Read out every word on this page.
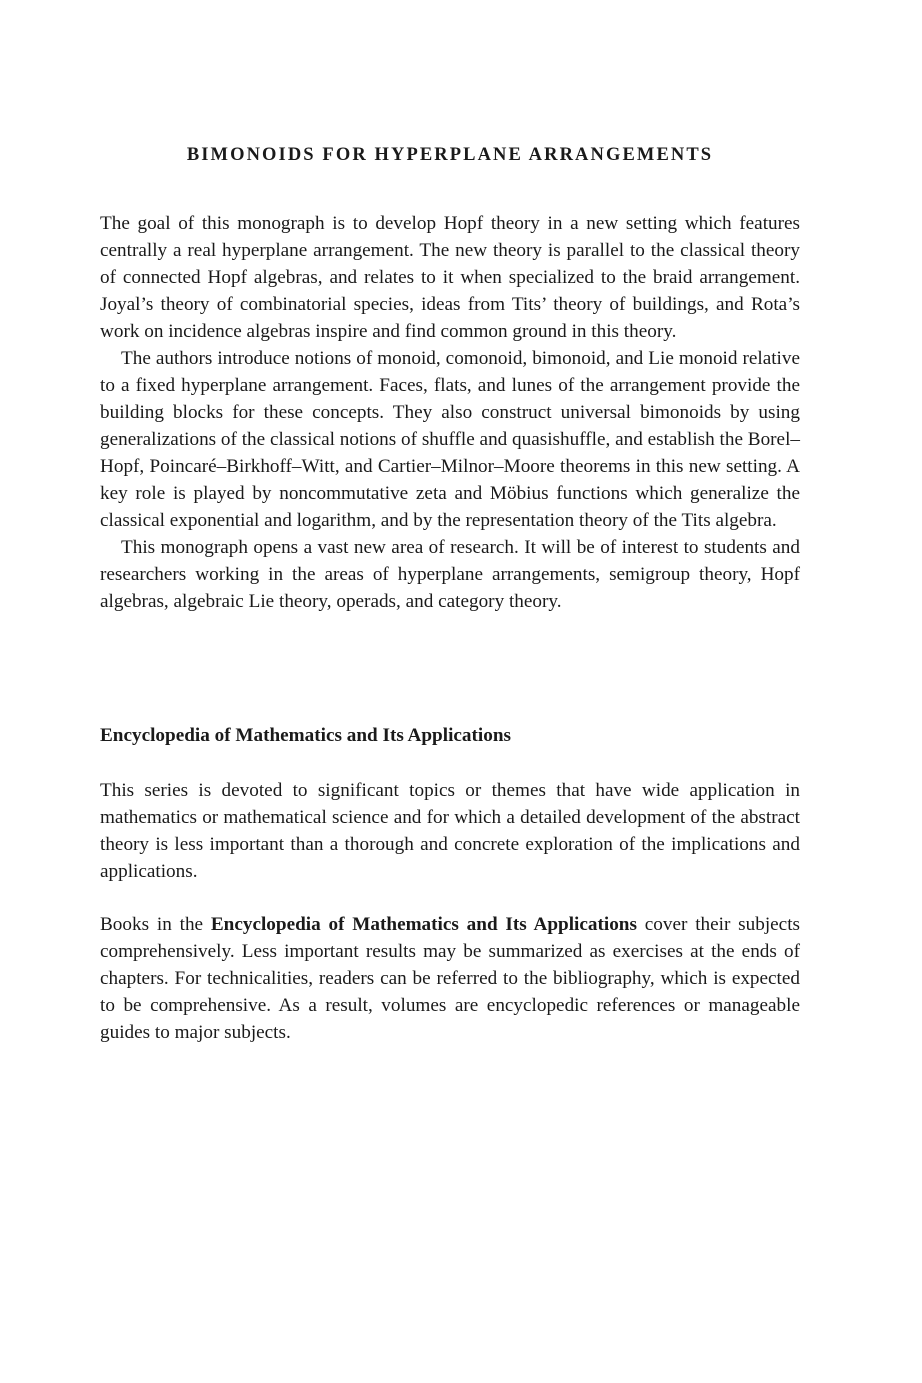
BIMONOIDS FOR HYPERPLANE ARRANGEMENTS

The goal of this monograph is to develop Hopf theory in a new setting which features centrally a real hyperplane arrangement. The new theory is parallel to the classical theory of connected Hopf algebras, and relates to it when specialized to the braid arrangement. Joyal’s theory of combinatorial species, ideas from Tits’ theory of buildings, and Rota’s work on incidence algebras inspire and find common ground in this theory.

The authors introduce notions of monoid, comonoid, bimonoid, and Lie monoid relative to a fixed hyperplane arrangement. Faces, flats, and lunes of the arrangement provide the building blocks for these concepts. They also construct universal bimonoids by using generalizations of the classical notions of shuffle and quasishuffle, and establish the Borel–Hopf, Poincaré–Birkhoff–Witt, and Cartier–Milnor–Moore theorems in this new setting. A key role is played by noncommutative zeta and Möbius functions which generalize the classical exponential and logarithm, and by the representation theory of the Tits algebra.

This monograph opens a vast new area of research. It will be of interest to students and researchers working in the areas of hyperplane arrangements, semigroup theory, Hopf algebras, algebraic Lie theory, operads, and category theory.

Encyclopedia of Mathematics and Its Applications

This series is devoted to significant topics or themes that have wide application in mathematics or mathematical science and for which a detailed development of the abstract theory is less important than a thorough and concrete exploration of the implications and applications.

Books in the Encyclopedia of Mathematics and Its Applications cover their subjects comprehensively. Less important results may be summarized as exercises at the ends of chapters. For technicalities, readers can be referred to the bibliography, which is expected to be comprehensive. As a result, volumes are encyclopedic references or manageable guides to major subjects.
